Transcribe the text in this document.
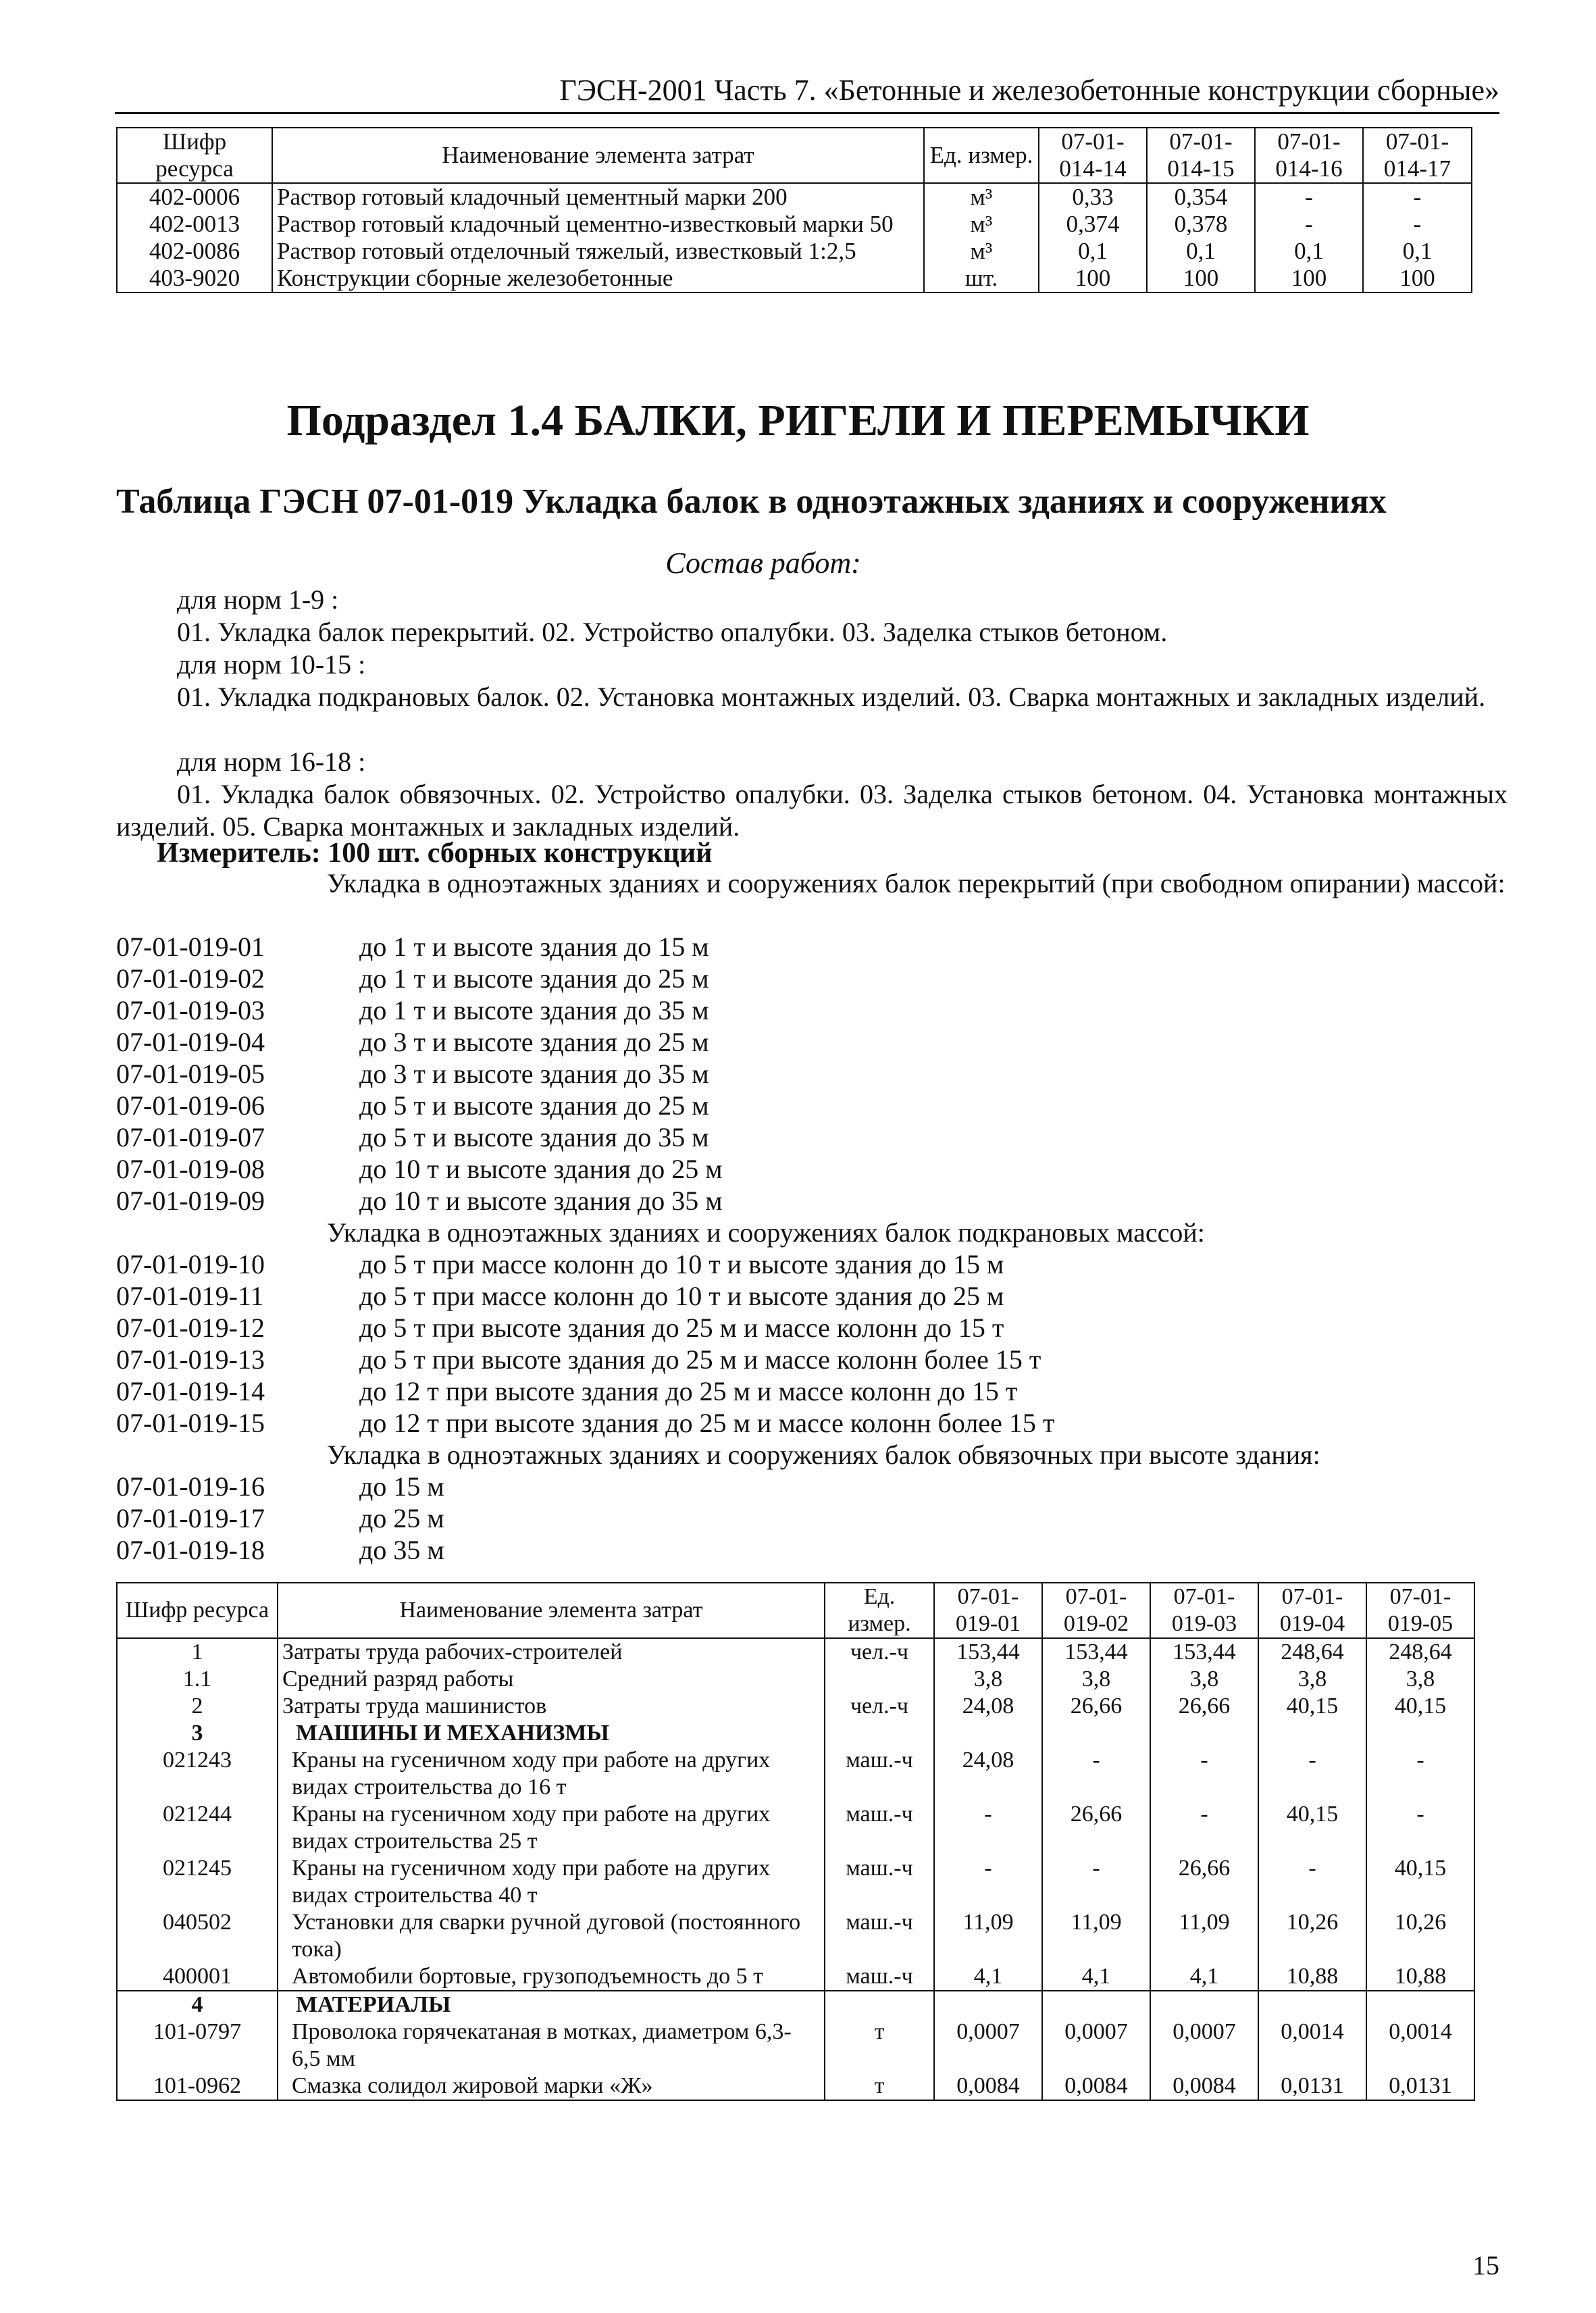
ГЭСН-2001 Часть 7. «Бетонные и железобетонные конструкции сборные»
Шифр ресурса	Наименование элемента затрат	Ед. измер.	07-01-014-14	07-01-014-15	07-01-014-16	07-01-014-17
402-0006	Раствор готовый кладочный цементный марки 200	м³	0,33	0,354	-	-
402-0013	Раствор готовый кладочный цементно-известковый марки 50	м³	0,374	0,378	-	-
402-0086	Раствор готовый отделочный тяжелый, известковый 1:2,5	м³	0,1	0,1	0,1	0,1
403-9020	Конструкции сборные железобетонные	шт.	100	100	100	100
Подраздел 1.4 БАЛКИ, РИГЕЛИ И ПЕРЕМЫЧКИ
Таблица ГЭСН 07-01-019 Укладка балок в одноэтажных зданиях и сооружениях
Состав работ:
для норм 1-9 :
01. Укладка балок перекрытий. 02. Устройство опалубки. 03. Заделка стыков бетоном.
для норм 10-15 :
01. Укладка подкрановых балок. 02. Установка монтажных изделий. 03. Сварка монтажных и закладных изделий.
для норм 16-18 :
01. Укладка балок обвязочных. 02. Устройство опалубки. 03. Заделка стыков бетоном. 04. Установка монтажных изделий. 05. Сварка монтажных и закладных изделий.
Измеритель: 100 шт. сборных конструкций
Укладка в одноэтажных зданиях и сооружениях балок перекрытий (при свободном опирании) массой:
07-01-019-01	до 1 т и высоте здания до 15 м
07-01-019-02	до 1 т и высоте здания до 25 м
07-01-019-03	до 1 т и высоте здания до 35 м
07-01-019-04	до 3 т и высоте здания до 25 м
07-01-019-05	до 3 т и высоте здания до 35 м
07-01-019-06	до 5 т и высоте здания до 25 м
07-01-019-07	до 5 т и высоте здания до 35 м
07-01-019-08	до 10 т и высоте здания до 25 м
07-01-019-09	до 10 т и высоте здания до 35 м
Укладка в одноэтажных зданиях и сооружениях балок подкрановых массой:
07-01-019-10	до 5 т при массе колонн до 10 т и высоте здания до 15 м
07-01-019-11	до 5 т при массе колонн до 10 т и высоте здания до 25 м
07-01-019-12	до 5 т при высоте здания до 25 м и массе колонн до 15 т
07-01-019-13	до 5 т при высоте здания до 25 м и массе колонн более 15 т
07-01-019-14	до 12 т при высоте здания до 25 м и массе колонн до 15 т
07-01-019-15	до 12 т при высоте здания до 25 м и массе колонн более 15 т
Укладка в одноэтажных зданиях и сооружениях балок обвязочных при высоте здания:
07-01-019-16	до 15 м
07-01-019-17	до 25 м
07-01-019-18	до 35 м
Шифр ресурса	Наименование элемента затрат	Ед. измер.	07-01-019-01	07-01-019-02	07-01-019-03	07-01-019-04	07-01-019-05
1	Затраты труда рабочих-строителей	чел.-ч	153,44	153,44	153,44	248,64	248,64
1.1	Средний разряд работы		3,8	3,8	3,8	3,8	3,8
2	Затраты труда машинистов	чел.-ч	24,08	26,66	26,66	40,15	40,15
3	МАШИНЫ И МЕХАНИЗМЫ						
021243	Краны на гусеничном ходу при работе на других видах строительства до 16 т	маш.-ч	24,08	-	-	-	-
021244	Краны на гусеничном ходу при работе на других видах строительства 25 т	маш.-ч	-	26,66	-	40,15	-
021245	Краны на гусеничном ходу при работе на других видах строительства 40 т	маш.-ч	-	-	26,66	-	40,15
040502	Установки для сварки ручной дуговой (постоянного тока)	маш.-ч	11,09	11,09	11,09	10,26	10,26
400001	Автомобили бортовые, грузоподъемность до 5 т	маш.-ч	4,1	4,1	4,1	10,88	10,88
4	МАТЕРИАЛЫ						
101-0797	Проволока горячекатаная в мотках, диаметром 6,3-6,5 мм	т	0,0007	0,0007	0,0007	0,0014	0,0014
101-0962	Смазка солидол жировой марки «Ж»	т	0,0084	0,0084	0,0084	0,0131	0,0131
15
